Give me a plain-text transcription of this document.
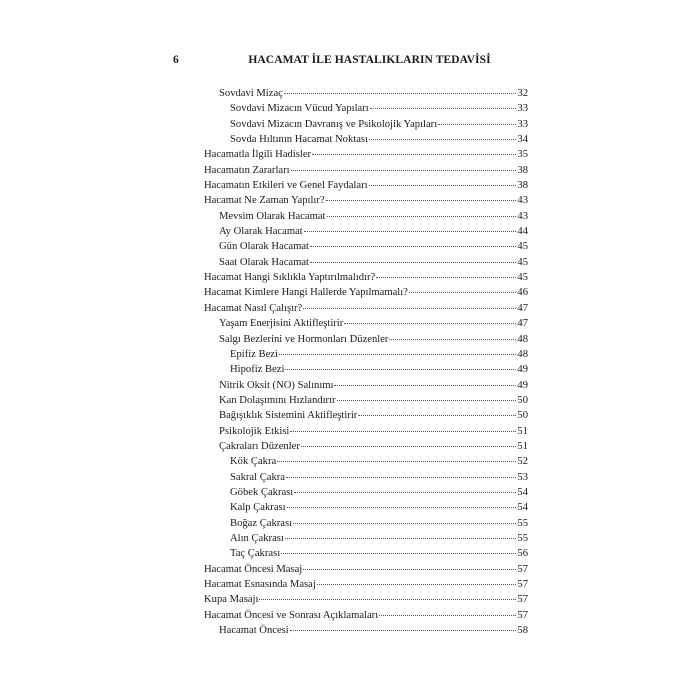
6	HACAMAT İLE HASTALIKLARIN TEDAVİSİ
Sovdavi Mizaç	32
Sovdavi Mizacın Vücud Yapıları	33
Sovdavi Mizacın Davranış ve Psikolojik Yapıları	33
Sovda Hıltının Hacamat Noktası	34
Hacamatla İlgili Hadisler	35
Hacamatın Zararları	38
Hacamatın Etkileri ve Genel Faydaları	38
Hacamat Ne Zaman Yapılır?	43
Mevsim Olarak Hacamat	43
Ay Olarak Hacamat	44
Gün Olarak Hacamat	45
Saat Olarak Hacamat	45
Hacamat Hangi Sıklıkla Yaptırılmalıdır?	45
Hacamat Kimlere Hangi Hallerde Yapılmamalı?	46
Hacamat Nasıl Çalışır?	47
Yaşam Enerjisini Aktifleştirir	47
Salgı Bezlerini ve Hormonları Düzenler	48
Epifiz Bezi	48
Hipofiz Bezi	49
Nitrik Oksit (NO) Salınımı	49
Kan Dolaşımını Hızlandırır	50
Bağışıklık Sistemini Aktifleştirir	50
Psikolojik Etkisi	51
Çakraları Düzenler	51
Kök Çakra	52
Sakral Çakra	53
Göbek Çakrası	54
Kalp Çakrası	54
Boğaz Çakrası	55
Alın Çakrası	55
Taç Çakrası	56
Hacamat Öncesi Masaj	57
Hacamat Esnasında Masaj	57
Kupa Masajı	57
Hacamat Öncesi ve Sonrası Açıklamaları	57
Hacamat Öncesi	58
